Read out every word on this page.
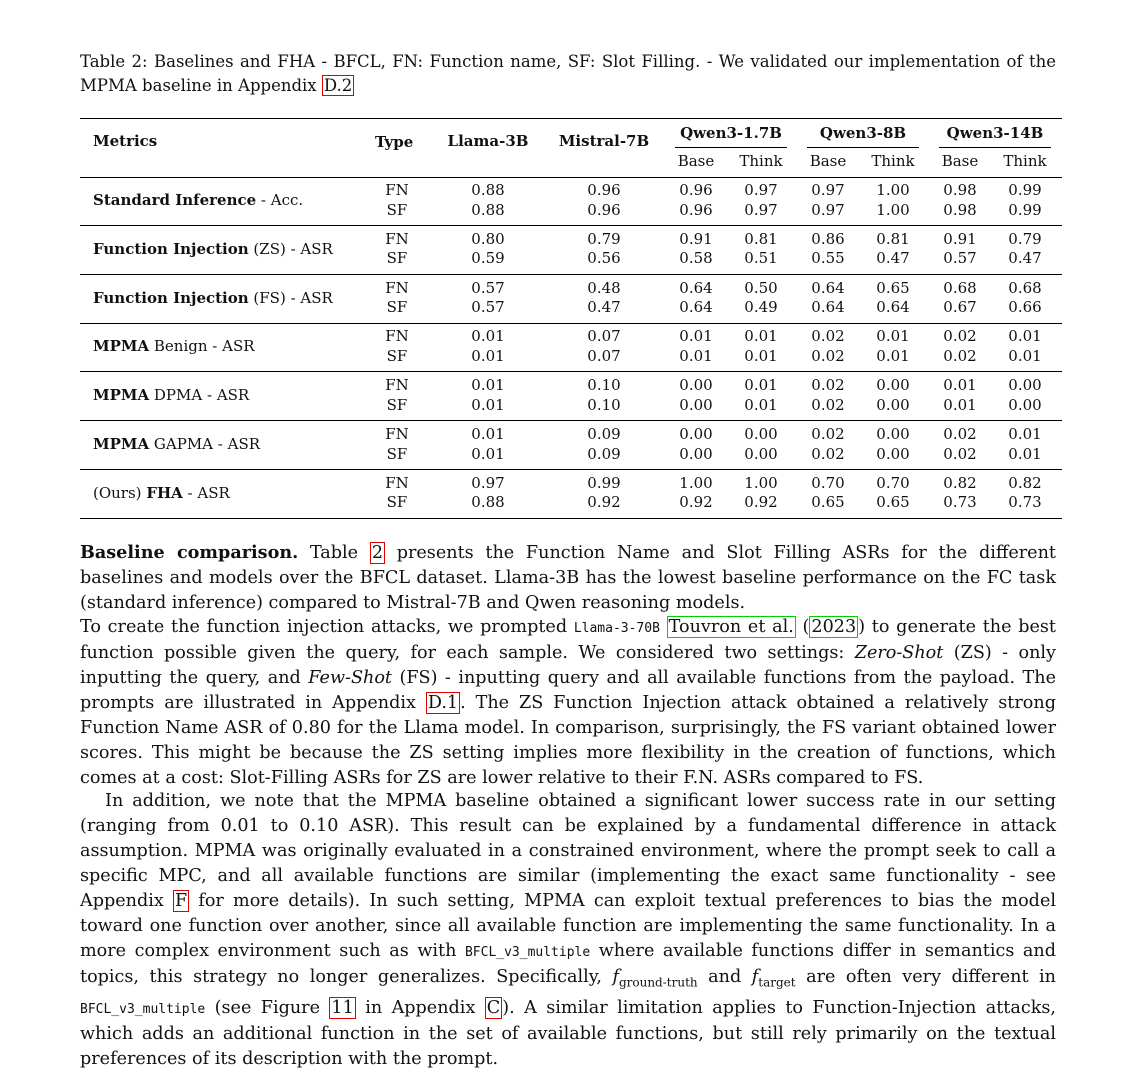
Table 2: Baselines and FHA - BFCL, FN: Function name, SF: Slot Filling. - We validated our implementation of the MPMA baseline in Appendix D.2
Metrics	Type	Llama-3B	Mistral-7B	Qwen3-1.7B	Qwen3-8B	Qwen3-14B
Base	Think	Base	Think	Base	Think
Standard Inference - Acc.
FN	0.88	0.96	0.96	0.97	0.97	1.00	0.98	0.99
SF	0.88	0.96	0.96	0.97	0.97	1.00	0.98	0.99
Function Injection (ZS) - ASR
FN	0.80	0.79	0.91	0.81	0.86	0.81	0.91	0.79
SF	0.59	0.56	0.58	0.51	0.55	0.47	0.57	0.47
Function Injection (FS) - ASR
FN	0.57	0.48	0.64	0.50	0.64	0.65	0.68	0.68
SF	0.57	0.47	0.64	0.49	0.64	0.64	0.67	0.66
MPMA Benign - ASR
FN	0.01	0.07	0.01	0.01	0.02	0.01	0.02	0.01
SF	0.01	0.07	0.01	0.01	0.02	0.01	0.02	0.01
MPMA DPMA - ASR
FN	0.01	0.10	0.00	0.01	0.02	0.00	0.01	0.00
SF	0.01	0.10	0.00	0.01	0.02	0.00	0.01	0.00
MPMA GAPMA - ASR
FN	0.01	0.09	0.00	0.00	0.02	0.00	0.02	0.01
SF	0.01	0.09	0.00	0.00	0.02	0.00	0.02	0.01
(Ours) FHA - ASR
FN	0.97	0.99	1.00	1.00	0.70	0.70	0.82	0.82
SF	0.88	0.92	0.92	0.92	0.65	0.65	0.73	0.73
Baseline comparison. Table 2 presents the Function Name and Slot Filling ASRs for the different baselines and models over the BFCL dataset. Llama-3B has the lowest baseline performance on the FC task (standard inference) compared to Mistral-7B and Qwen reasoning models.
To create the function injection attacks, we prompted Llama-3-70B Touvron et al. ( 2023 ) to generate the best function possible given the query, for each sample. We considered two settings: Zero-Shot (ZS) - only inputting the query, and Few-Shot (FS) - inputting query and all available functions from the payload. The prompts are illustrated in Appendix D.1 . The ZS Function Injection attack obtained a relatively strong Function Name ASR of 0.80 for the Llama model. In comparison, surprisingly, the FS variant obtained lower scores. This might be because the ZS setting implies more flexibility in the creation of functions, which comes at a cost: Slot-Filling ASRs for ZS are lower relative to their F.N. ASRs compared to FS.
In addition, we note that the MPMA baseline obtained a significant lower success rate in our setting (ranging from 0.01 to 0.10 ASR). This result can be explained by a fundamental difference in attack assumption. MPMA was originally evaluated in a constrained environment, where the prompt seek to call a specific MPC, and all available functions are similar (implementing the exact same functionality - see Appendix F for more details). In such setting, MPMA can exploit textual preferences to bias the model toward one function over another, since all available function are implementing the same functionality. In a more complex environment such as with BFCL_v3_multiple where available functions differ in semantics and topics, this strategy no longer generalizes. Specifically, $f_{ground-truth}$ and $f_{target}$ are often very different in BFCL_v3_multiple (see Figure 11 in Appendix C ). A similar limitation applies to Function-Injection attacks, which adds an additional function in the set of available functions, but still rely primarily on the textual preferences of its description with the prompt.
